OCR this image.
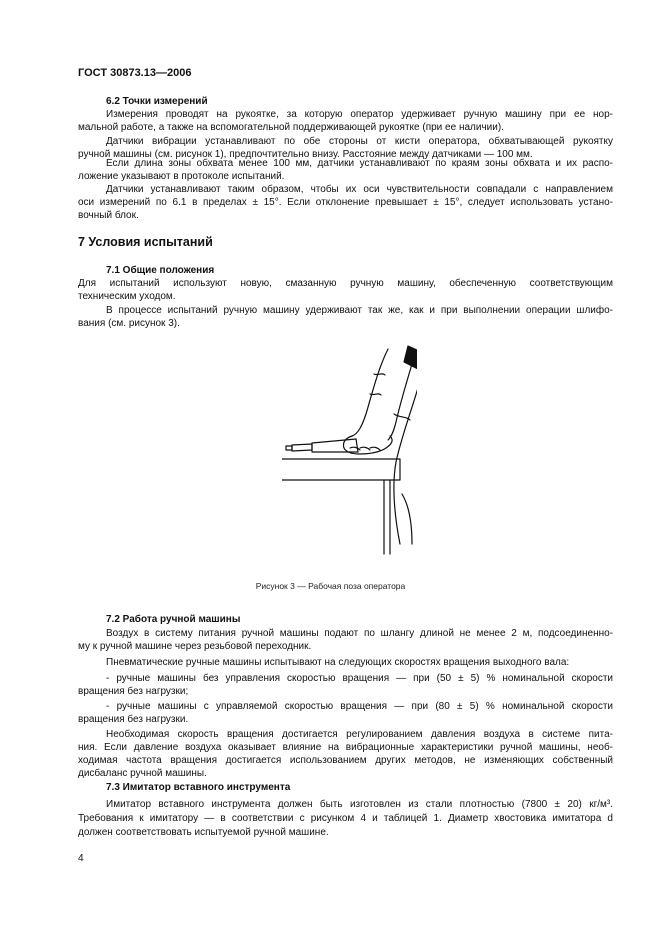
ГОСТ 30873.13—2006
6.2 Точки измерений
Измерения проводят на рукоятке, за которую оператор удерживает ручную машину при ее нор-
мальной работе, а также на вспомогательной поддерживающей рукоятке (при ее наличии).
Датчики вибрации устанавливают по обе стороны от кисти оператора, обхватывающей рукоятку
ручной машины (см. рисунок 1), предпочтительно внизу. Расстояние между датчиками — 100 мм.
Если длина зоны обхвата менее 100 мм, датчики устанавливают по краям зоны обхвата и их распо-
ложение указывают в протоколе испытаний.
Датчики устанавливают таким образом, чтобы их оси чувствительности совпадали с направлением
оси измерений по 6.1 в пределах ± 15°. Если отклонение превышает ± 15°, следует использовать устано-
вочный блок.
7 Условия испытаний
7.1 Общие положения
Для испытаний используют новую, смазанную ручную машину, обеспеченную соответствующим
техническим уходом.
В процессе испытаний ручную машину удерживают так же, как и при выполнении операции шлифо-
вания (см. рисунок 3).
Рисунок 3 — Рабочая поза оператора
7.2 Работа ручной машины
Воздух в систему питания ручной машины подают по шлангу длиной не менее 2 м, подсоединенно-
му к ручной машине через резьбовой переходник.
Пневматические ручные машины испытывают на следующих скоростях вращения выходного вала:
- ручные машины без управления скоростью вращения — при (50 ± 5) % номинальной скорости
вращения без нагрузки;
- ручные машины с управляемой скоростью вращения — при (80 ± 5) % номинальной скорости
вращения без нагрузки.
Необходимая скорость вращения достигается регулированием давления воздуха в системе пита-
ния. Если давление воздуха оказывает влияние на вибрационные характеристики ручной машины, необ-
ходимая частота вращения достигается использованием других методов, не изменяющих собственный
дисбаланс ручной машины.
7.3 Имитатор вставного инструмента
Имитатор вставного инструмента должен быть изготовлен из стали плотностью (7800 ± 20) кг/м³.
Требования к имитатору — в соответствии с рисунком 4 и таблицей 1. Диаметр хвостовика имитатора d
должен соответствовать испытуемой ручной машине.
4
